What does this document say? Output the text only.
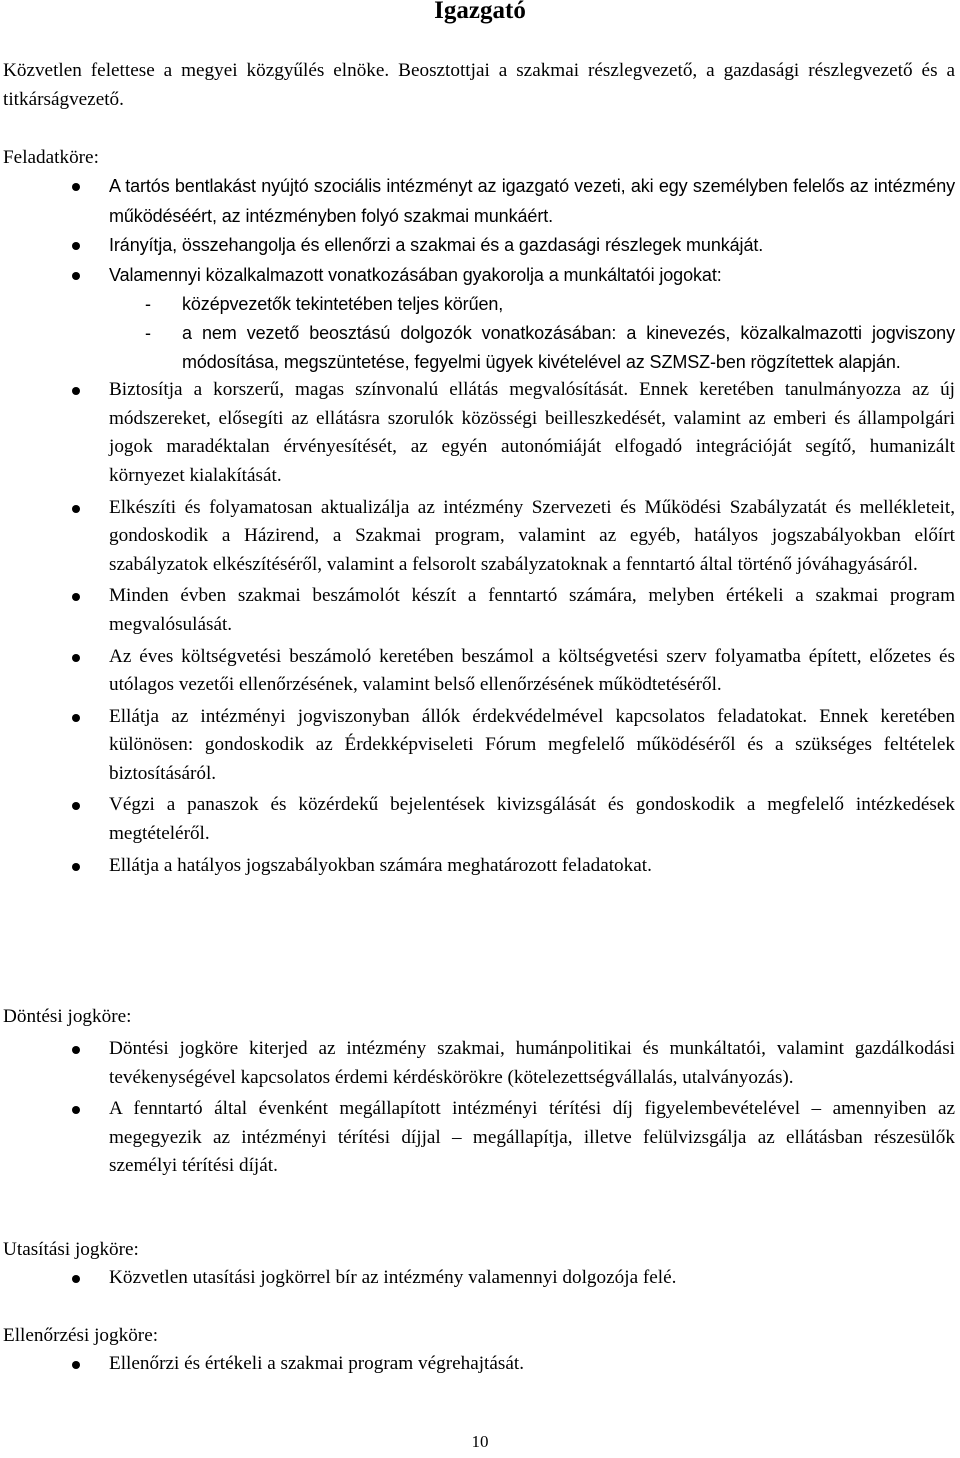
Igazgató
Közvetlen felettese a megyei közgyűlés elnöke. Beosztottjai a szakmai részlegvezető, a gazdasági részlegvezető és a titkárságvezető.
Feladatköre:
A tartós bentlakást nyújtó szociális intézményt az igazgató vezeti, aki egy személyben felelős az intézmény működéséért, az intézményben folyó szakmai munkáért.
Irányítja, összehangolja és ellenőrzi a szakmai és a gazdasági részlegek munkáját.
Valamennyi közalkalmazott vonatkozásában gyakorolja a munkáltatói jogokat:
- középvezetők tekintetében teljes körűen,
- a nem vezető beosztású dolgozók vonatkozásában: a kinevezés, közalkalmazotti jogviszony módosítása, megszüntetése, fegyelmi ügyek kivételével az SZMSZ-ben rögzítettek alapján.
Biztosítja a korszerű, magas színvonalú ellátás megvalósítását. Ennek keretében tanulmányozza az új módszereket, elősegíti az ellátásra szorulók közösségi beilleszkedését, valamint az emberi és állampolgári jogok maradéktalan érvényesítését, az egyén autonómiáját elfogadó integrációját segítő, humanizált környezet kialakítását.
Elkészíti és folyamatosan aktualizálja az intézmény Szervezeti és Működési Szabályzatát és mellékleteit, gondoskodik a Házirend, a Szakmai program, valamint az egyéb, hatályos jogszabályokban előírt szabályzatok elkészítéséről, valamint a felsorolt szabályzatoknak a fenntartó által történő jóváhagyásáról.
Minden évben szakmai beszámolót készít a fenntartó számára, melyben értékeli a szakmai program megvalósulását.
Az éves költségvetési beszámoló keretében beszámol a költségvetési szerv folyamatba épített, előzetes és utólagos vezetői ellenőrzésének, valamint belső ellenőrzésének működtetéséről.
Ellátja az intézményi jogviszonyban állók érdekvédelmével kapcsolatos feladatokat. Ennek keretében különösen: gondoskodik az Érdekképviseleti Fórum megfelelő működéséről és a szükséges feltételek biztosításáról.
Végzi a panaszok és közérdekű bejelentések kivizsgálását és gondoskodik a megfelelő intézkedések megtételéről.
Ellátja a hatályos jogszabályokban számára meghatározott feladatokat.
Döntési jogköre:
Döntési jogköre kiterjed az intézmény szakmai, humánpolitikai és munkáltatói, valamint gazdálkodási tevékenységével kapcsolatos érdemi kérdéskörökre (kötelezettségvállalás, utalványozás).
A fenntartó által évenként megállapított intézményi térítési díj figyelembevételével – amennyiben az megegyezik az intézményi térítési díjjal – megállapítja, illetve felülvizsgálja az ellátásban részesülők személyi térítési díját.
Utasítási jogköre:
Közvetlen utasítási jogkörrel bír az intézmény valamennyi dolgozója felé.
Ellenőrzési jogköre:
Ellenőrzi és értékeli a szakmai program végrehajtását.
10
